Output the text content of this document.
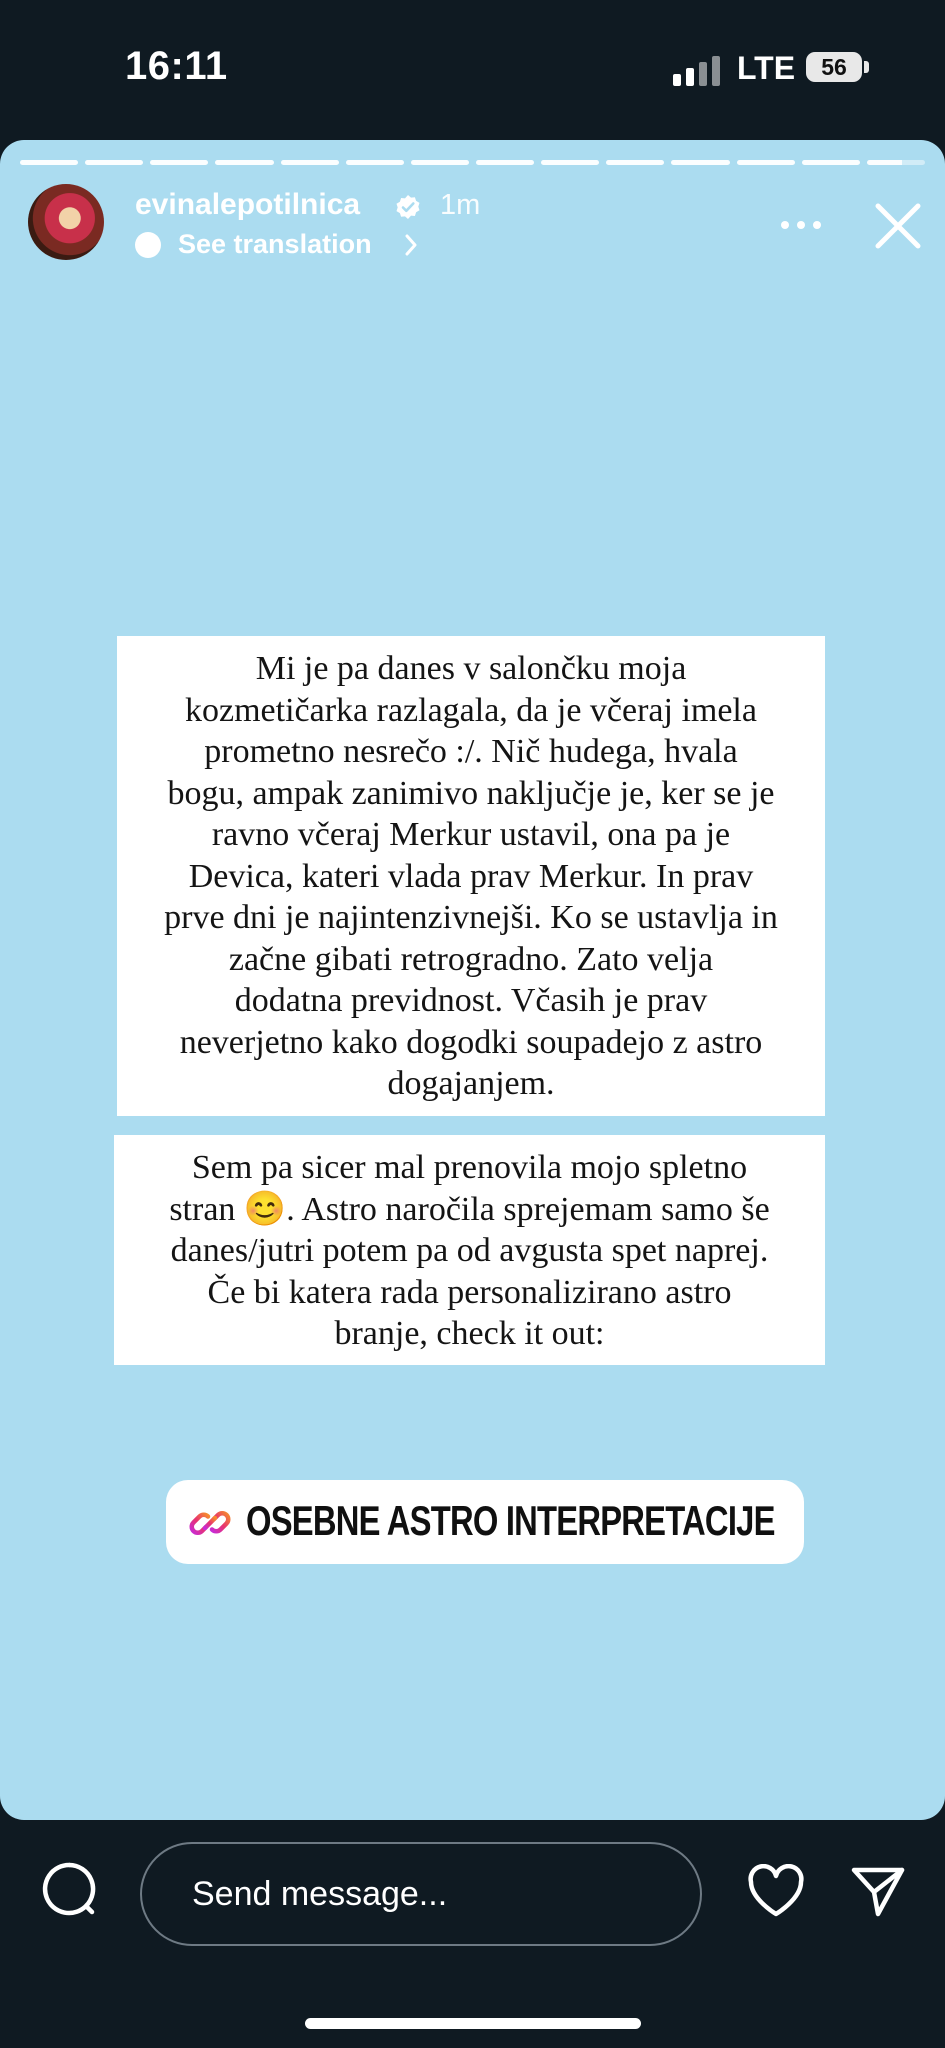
16:11	LTE	56
evinalepotilnica	1m
See translation
Mi je pa danes v salončku moja
kozmetičarka razlagala, da je včeraj imela
prometno nesrečo :/. Nič hudega, hvala
bogu, ampak zanimivo naključje je, ker se je
ravno včeraj Merkur ustavil, ona pa je
Devica, kateri vlada prav Merkur. In prav
prve dni je najintenzivnejši. Ko se ustavlja in
začne gibati retrogradno. Zato velja
dodatna previdnost. Včasih je prav
neverjetno kako dogodki soupadejo z astro
dogajanjem.
Sem pa sicer mal prenovila mojo spletno
stran 😊. Astro naročila sprejemam samo še
danes/jutri potem pa od avgusta spet naprej.
Če bi katera rada personalizirano astro
branje, check it out:
OSEBNE ASTRO INTERPRETACIJE
Send message...
